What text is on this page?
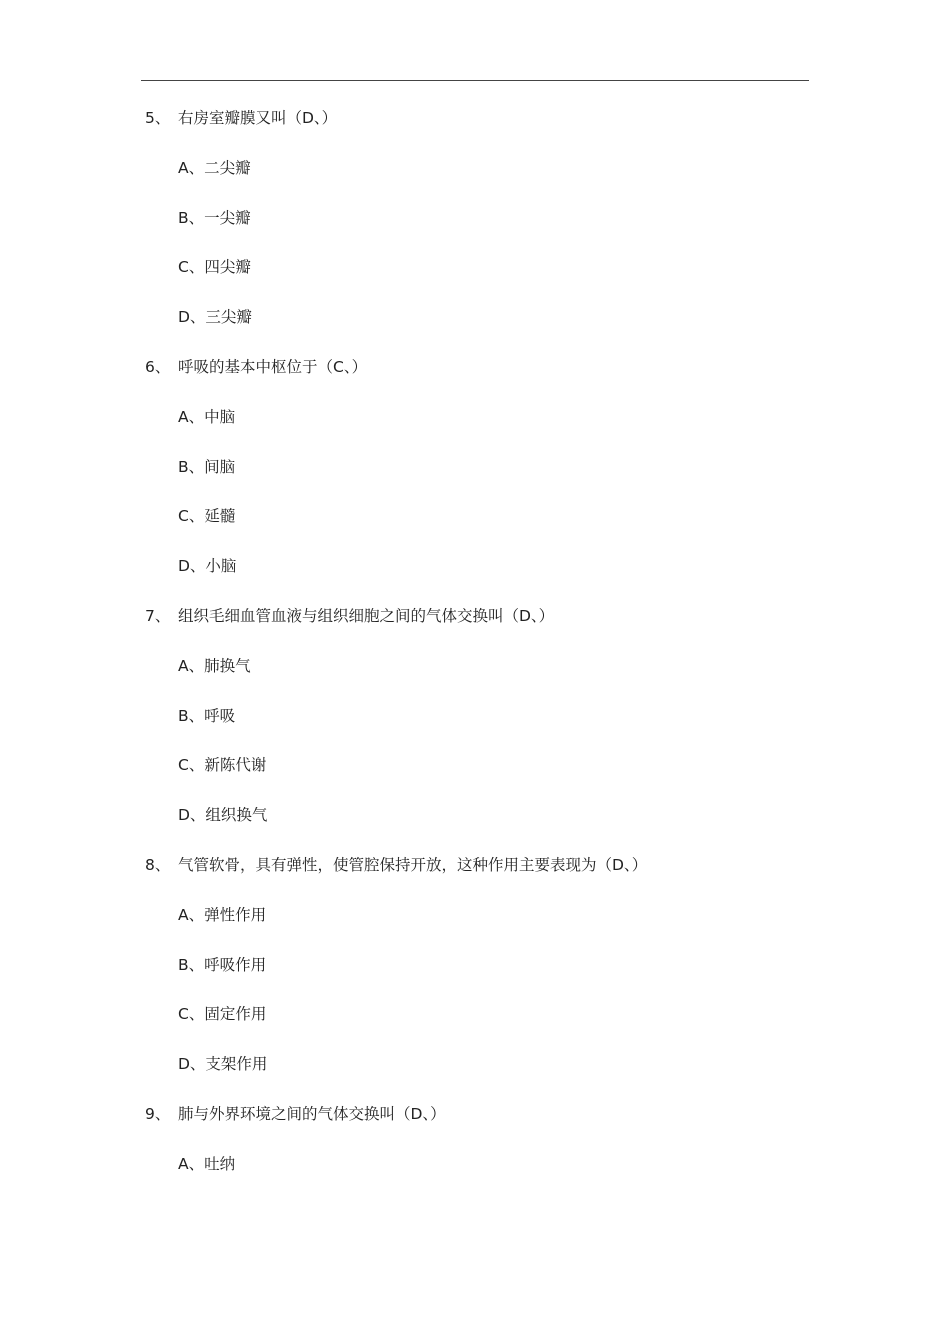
5、 右房室瓣膜又叫（D、）
A、二尖瓣
B、一尖瓣
C、四尖瓣
D、三尖瓣
6、 呼吸的基本中枢位于（C、）
A、中脑
B、间脑
C、延髓
D、小脑
7、 组织毛细血管血液与组织细胞之间的气体交换叫（D、）
A、肺换气
B、呼吸
C、新陈代谢
D、组织换气
8、 气管软骨，具有弹性，使管腔保持开放，这种作用主要表现为（D、）
A、弹性作用
B、呼吸作用
C、固定作用
D、支架作用
9、 肺与外界环境之间的气体交换叫（D、）
A、吐纳
